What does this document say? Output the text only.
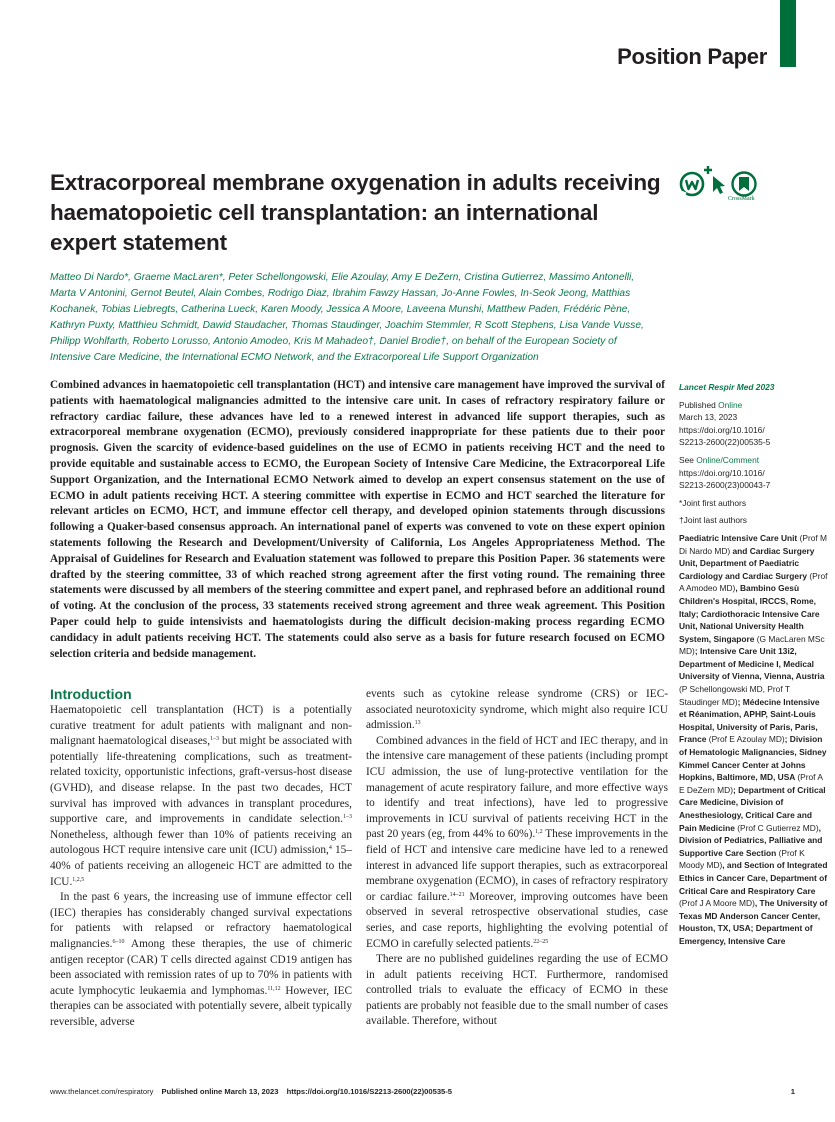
Position Paper
Extracorporeal membrane oxygenation in adults receiving haematopoietic cell transplantation: an international expert statement
CrossMark
Matteo Di Nardo*, Graeme MacLaren*, Peter Schellongowski, Elie Azoulay, Amy E DeZern, Cristina Gutierrez, Massimo Antonelli, Marta V Antonini, Gernot Beutel, Alain Combes, Rodrigo Diaz, Ibrahim Fawzy Hassan, Jo-Anne Fowles, In-Seok Jeong, Matthias Kochanek, Tobias Liebregts, Catherina Lueck, Karen Moody, Jessica A Moore, Laveena Munshi, Matthew Paden, Frédéric Pène, Kathryn Puxty, Matthieu Schmidt, Dawid Staudacher, Thomas Staudinger, Joachim Stemmler, R Scott Stephens, Lisa Vande Vusse, Philipp Wohlfarth, Roberto Lorusso, Antonio Amodeo, Kris M Mahadeo†, Daniel Brodie†, on behalf of the European Society of Intensive Care Medicine, the International ECMO Network, and the Extracorporeal Life Support Organization

Combined advances in haematopoietic cell transplantation (HCT) and intensive care management have improved the survival of patients with haematological malignancies admitted to the intensive care unit. In cases of refractory respiratory failure or refractory cardiac failure, these advances have led to a renewed interest in advanced life support therapies, such as extracorporeal membrane oxygenation (ECMO), previously considered inappropriate for these patients due to their poor prognosis. Given the scarcity of evidence-based guidelines on the use of ECMO in patients receiving HCT and the need to provide equitable and sustainable access to ECMO, the European Society of Intensive Care Medicine, the Extracorporeal Life Support Organization, and the International ECMO Network aimed to develop an expert consensus statement on the use of ECMO in adult patients receiving HCT. A steering committee with expertise in ECMO and HCT searched the literature for relevant articles on ECMO, HCT, and immune effector cell therapy, and developed opinion statements through discussions following a Quaker-based consensus approach. An international panel of experts was convened to vote on these expert opinion statements following the Research and Development/University of California, Los Angeles Appropriateness Method. The Appraisal of Guidelines for Research and Evaluation statement was followed to prepare this Position Paper. 36 statements were drafted by the steering committee, 33 of which reached strong agreement after the first voting round. The remaining three statements were discussed by all members of the steering committee and expert panel, and rephrased before an additional round of voting. At the conclusion of the process, 33 statements received strong agreement and three weak agreement. This Position Paper could help to guide intensivists and haematologists during the difficult decision-making process regarding ECMO candidacy in adult patients receiving HCT. The statements could also serve as a basis for future research focused on ECMO selection criteria and bedside management.

Lancet Respir Med 2023
Published Online
March 13, 2023
https://doi.org/10.1016/
S2213-2600(22)00535-5
See Online/Comment
https://doi.org/10.1016/
S2213-2600(23)00043-7
*Joint first authors
†Joint last authors
Paediatric Intensive Care Unit (Prof M Di Nardo MD) and Cardiac Surgery Unit, Department of Paediatric Cardiology and Cardiac Surgery (Prof A Amodeo MD), Bambino Gesù Children's Hospital, IRCCS, Rome, Italy; Cardiothoracic Intensive Care Unit, National University Health System, Singapore (G MacLaren MSc MD); Intensive Care Unit 13i2, Department of Medicine I, Medical University of Vienna, Vienna, Austria (P Schellongowski MD, Prof T Staudinger MD); Médecine Intensive et Réanimation, APHP, Saint-Louis Hospital, University of Paris, Paris, France (Prof E Azoulay MD); Division of Hematologic Malignancies, Sidney Kimmel Cancer Center at Johns Hopkins, Baltimore, MD, USA (Prof A E DeZern MD); Department of Critical Care Medicine, Division of Anesthesiology, Critical Care and Pain Medicine (Prof C Gutierrez MD), Division of Pediatrics, Palliative and Supportive Care Section (Prof K Moody MD), and Section of Integrated Ethics in Cancer Care, Department of Critical Care and Respiratory Care (Prof J A Moore MD), The University of Texas MD Anderson Cancer Center, Houston, TX, USA; Department of Emergency, Intensive Care
Introduction

Haematopoietic cell transplantation (HCT) is a potentially curative treatment for adult patients with malignant and non-malignant haematological diseases,$^{1-3}$ but might be associated with potentially life-threatening complications, such as treatment-related toxicity, opportunistic infections, graft-versus-host disease (GVHD), and disease relapse. In the past two decades, HCT survival has improved with advances in transplant procedures, supportive care, and improvements in candidate selection.$^{1-3}$ Nonetheless, although fewer than 10% of patients receiving an autologous HCT require intensive care unit (ICU) admission,$^4$ 15–40% of patients receiving an allogeneic HCT are admitted to the ICU.$^{1,2,5}$

In the past 6 years, the increasing use of immune effector cell (IEC) therapies has considerably changed survival expectations for patients with relapsed or refractory haematological malignancies.$^{6-10}$ Among these therapies, the use of chimeric antigen receptor (CAR) T cells directed against CD19 antigen has been associated with remission rates of up to 70% in patients with acute lymphocytic leukaemia and lymphomas.$^{11,12}$ However, IEC therapies can be associated with potentially severe, albeit typically reversible, adverse

events such as cytokine release syndrome (CRS) or IEC-associated neurotoxicity syndrome, which might also require ICU admission.$^{13}$

Combined advances in the field of HCT and IEC therapy, and in the intensive care management of these patients (including prompt ICU admission, the use of lung-protective ventilation for the management of acute respiratory failure, and more effective ways to identify and treat infections), have led to progressive improvements in ICU survival of patients receiving HCT in the past 20 years (eg, from 44% to 60%).$^{1,2}$ These improvements in the field of HCT and intensive care medicine have led to a renewed interest in advanced life support therapies, such as extracorporeal membrane oxygenation (ECMO), in cases of refractory respiratory or cardiac failure.$^{14-21}$ Moreover, improving outcomes have been observed in several retrospective observational studies, case series, and case reports, highlighting the evolving potential of ECMO in carefully selected patients.$^{22-25}$

There are no published guidelines regarding the use of ECMO in adult patients receiving HCT. Furthermore, randomised controlled trials to evaluate the efficacy of ECMO in these patients are probably not feasible due to the small number of cases available. Therefore, without

www.thelancet.com/respiratory Published online March 13, 2023 https://doi.org/10.1016/S2213-2600(22)00535-5	1
